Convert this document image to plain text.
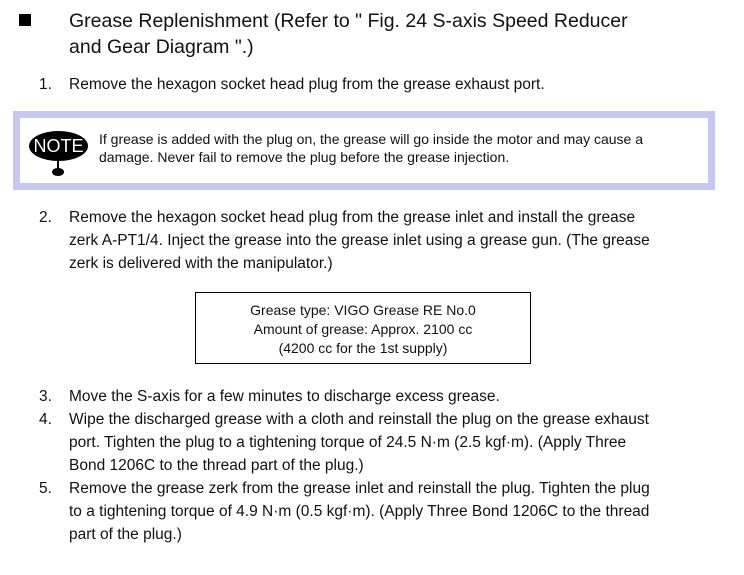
Grease Replenishment (Refer to " Fig. 24 S-axis Speed Reducer
and Gear Diagram ".)
1. Remove the hexagon socket head plug from the grease exhaust port.
NOTE	If grease is added with the plug on, the grease will go inside the motor and may cause a
damage. Never fail to remove the plug before the grease injection.
2. Remove the hexagon socket head plug from the grease inlet and install the grease
zerk A-PT1/4. Inject the grease into the grease inlet using a grease gun. (The grease
zerk is delivered with the manipulator.)
Grease type: VIGO Grease RE No.0
Amount of grease: Approx. 2100 cc
(4200 cc for the 1st supply)
3. Move the S-axis for a few minutes to discharge excess grease.
4. Wipe the discharged grease with a cloth and reinstall the plug on the grease exhaust
port. Tighten the plug to a tightening torque of 24.5 N·m (2.5 kgf·m). (Apply Three
Bond 1206C to the thread part of the plug.)
5. Remove the grease zerk from the grease inlet and reinstall the plug. Tighten the plug
to a tightening torque of 4.9 N·m (0.5 kgf·m). (Apply Three Bond 1206C to the thread
part of the plug.)
